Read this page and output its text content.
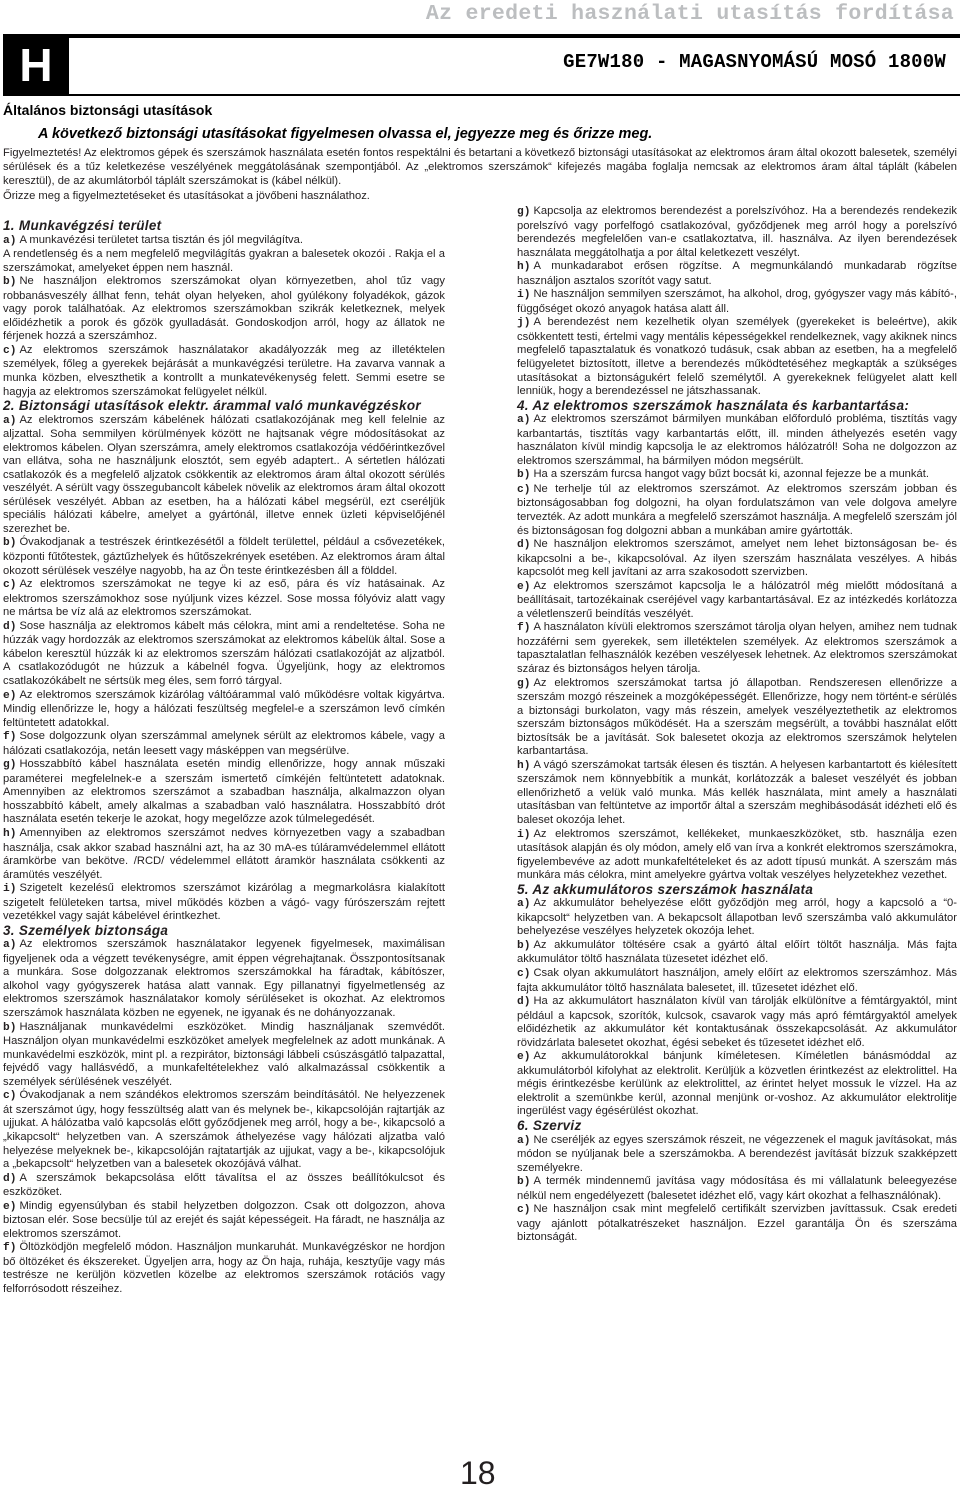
Az eredeti használati utasítás fordítása
H	GE7W180 - MAGASNYOMÁSÚ MOSÓ 1800W
Általános biztonsági utasítások
A következő biztonsági utasításokat figyelmesen olvassa el, jegyezze meg és őrizze meg.

Figyelmeztetés! Az elektromos gépek és szerszámok használata esetén fontos respektálni és betartani a következő biztonsági utasításokat az elektromos áram által okozott balesetek, személyi sérülések és a tűz keletkezése veszélyének meggátolásának szempontjából. Az „elektromos szerszámok“ kifejezés magába foglalja nemcsak az elektromos áram által táplált (kábelen keresztül), de az akumlátorból táplált szerszámokat is (kábel nélkül).

Őrizze meg a figyelmeztetéseket és utasításokat a jövőbeni használathoz.

1. Munkavégzési terület

a) A munkavézési területet tartsa tisztán és jól megvilágítva.

A rendetlenség és a nem megfelelő megvilágítás gyakran a balesetek okozói . Rakja el a szerszámokat, amelyeket éppen nem használ.

b) Ne használjon elektromos szerszámokat olyan környezetben, ahol tűz vagy robbanásveszély állhat fenn, tehát olyan helyeken, ahol gyúlékony folyadékok, gázok vagy porok találhatóak. Az elektromos szerszámokban szikrák keletkeznek, melyek előidézhetik a porok és gőzök gyulladását. Gondoskodjon arról, hogy az állatok ne férjenek hozzá a szerszámhoz.

c) Az elektromos szerszámok használatakor akadályozzák meg az illetéktelen személyek, főleg a gyerekek bejárását a munkavégzési területre. Ha zavarva vannak a munka közben, elveszthetik a kontrollt a munkatevékenység felett. Semmi esetre se hagyja az elektromos szerszámokat felügyelet nélkül.

2. Biztonsági utasítások elektr. árammal való munkavégzéskor

a) Az elektromos szerszám kábelének hálózati csatlakozójának meg kell felelnie az aljzattal. Soha semmilyen körülmények között ne hajtsanak végre módosításokat az elektromos kábelen. Olyan szerszámra, amely elektromos csatlakozója védőérintkezővel van ellátva, soha ne használjunk elosztót, sem egyéb adaptert.. A sértetlen hálózati csatlakozók és a megfelelő aljzatok csökkentik az elektromos áram által okozott sérülés veszélyét. A sérült vagy összegubancolt kábelek növelik az elektromos áram által okozott sérülések veszélyét. Abban az esetben, ha a hálózati kábel megsérül, ezt cseréljük speciális hálózati kábelre, amelyet a gyártónál, illetve ennek üzleti képviselőjénél szerezhet be.

b) Óvakodjanak a testrészek érintkezésétől a földelt területtel, például a csővezetékek, központi fűtőtestek, gáztűzhelyek és hűtőszekrények esetében. Az elektromos áram által okozott sérülések veszélye nagyobb, ha az Ön teste érintkezésben áll a földdel.

c) Az elektromos szerszámokat ne tegye ki az eső, pára és víz hatásainak. Az elektromos szerszámokhoz sose nyúljunk vizes kézzel. Sose mossa fólyóviz alatt vagy ne mártsa be víz alá az elektromos szerszámokat.

d) Sose használja az elektromos kábelt más célokra, mint ami a rendeltetése. Soha ne húzzák vagy hordozzák az elektromos szerszámokat az elektromos kábelük által. Sose a kábelon keresztül húzzák ki az elektromos szerszám hálózati csatlakozóját az aljzatból. A csatlakozódugót ne húzzuk a kábelnél fogva. Ügyeljünk, hogy az elektromos csatlakozókábelt ne sértsük meg éles, sem forró tárgyal.

e) Az elektromos szerszámok kizárólag váltóárammal való működésre voltak kigyártva. Mindig ellenőrizze le, hogy a hálózati feszültség megfelel-e a szerszámon levő címkén feltüntetett adatokkal.

f) Sose dolgozzunk olyan szerszámmal amelynek sérült az elektromos kábele, vagy a hálózati csatlakozója, netán leesett vagy másképpen van megsérülve.

g) Hosszabbító kábel használata esetén mindig ellenőrizze, hogy annak műszaki paraméterei megfelelnek-e a szerszám ismertető címkéjén feltüntetett adatoknak. Amennyiben az elektromos szerszámot a szabadban használja, alkalmazzon olyan hosszabbító kábelt, amely alkalmas a szabadban való használatra. Hosszabbító drót használata esetén tekerje le azokat, hogy megelőzze azok túlmelegedését.

h) Amennyiben az elektromos szerszámot nedves környezetben vagy a szabadban használja, csak akkor szabad használni azt, ha az 30 mA-es túláramvédelemmel ellátott áramkörbe van bekötve. /RCD/ védelemmel ellátott áramkör használata csökkenti az áramütés veszélyét.

i) Szigetelt kezelésű elektromos szerszámot kizárólag a megmarkolásra kialakított szigetelt felületeken tartsa, mivel működés közben a vágó- vagy fúrószerszám rejtett vezetékkel vagy saját kábelével érintkezhet.

3. Személyek biztonsága

a) Az elektromos szerszámok használatakor legyenek figyelmesek, maximálisan figyeljenek oda a végzett tevékenységre, amit éppen végrehajtanak. Összpontosítsanak a munkára. Sose dolgozzanak elektromos szerszámokkal ha fáradtak, kábítószer, alkohol vagy gyógyszerek hatása alatt vannak. Egy pillanatnyi figyelmetlenség az elektromos szerszámok használatakor komoly sérüléseket is okozhat. Az elektromos szerszámok használata közben ne egyenek, ne igyanak és ne dohányozzanak.

b) Használjanak munkavédelmi eszközöket. Mindig használjanak szemvédőt. Használjon olyan munkavédelmi eszközöket amelyek megfelelnek az adott munkának. A munkavédelmi eszközök, mint pl. a rezpirátor, biztonsági lábbeli csúszásgátló talpazattal, fejvédő vagy hallásvédő, a munkafeltételekhez való alkalmazással csökkentik a személyek sérülésének veszélyét.

c) Óvakodjanak a nem szándékos elektromos szerszám beindításától. Ne helyezzenek át szerszámot úgy, hogy fesszültség alatt van és melynek be-, kikapcsolóján rajtartják az ujjukat. A hálózatba való kapcsolás előtt győződjenek meg arról, hogy a be-, kikapcsoló a „kikapcsolt“ helyzetben van. A szerszámok áthelyezése vagy hálózati aljzatba való helyezése melyeknek be-, kikapcsolóján rajtatartják az ujjukat, vagy a be-, kikapcsolójuk a „bekapcsolt“ helyzetben van a balesetek okozójává válhat.

d) A szerszámok bekapcsolása előtt távalítsa el az összes beállítókulcsot és eszközöket.

e) Mindig egyensúlyban és stabil helyzetben dolgozzon. Csak ott dolgozzon, ahova biztosan elér. Sose becsülje túl az erejét és saját képességeit. Ha fáradt, ne használja az elektromos szerszámot.

f) Öltözködjön megfelelő módon. Használjon munkaruhát. Munkavégzéskor ne hordjon bő öltözéket és ékszereket. Ügyeljen arra, hogy az Ön haja, ruhája, kesztyűje vagy más testrésze ne kerüljön közvetlen közelbe az elektromos szerszámok rotációs vagy felforrósodott részeihez.

g) Kapcsolja az elektromos berendezést a porelszívóhoz. Ha a berendezés rendekezik porelszívó vagy porfelfogó csatlakozóval, győződjenek meg arról hogy a porelszívó berendezés megfelelően van-e csatlakoztatva, ill. használva. Az ilyen berendezések használata meggátolhatja a por által keletkezett veszélyt.

h) A munkadarabot erősen rögzítse. A megmunkálandó munkadarab rögzítse használjon asztalos szorítót vagy satut.

i) Ne használjon semmilyen szerszámot, ha alkohol, drog, gyógyszer vagy más kábító-, függőséget okozó anyagok hatása alatt áll.

j) A berendezést nem kezelhetik olyan személyek (gyerekeket is beleértve), akik csökkentett testi, értelmi vagy mentális képességekkel rendelkeznek, vagy akiknek nincs megfelelő tapasztalatuk és vonatkozó tudásuk, csak abban az esetben, ha a megfelelő felügyeletet biztosított, illetve a berendezés működtetéséhez megkapták a szükséges utasításokat a biztonságukért felelő személytől. A gyerekeknek felügyelet alatt kell lenniük, hogy a berendezéssel ne játszhassanak.

4. Az elektromos szerszámok használata és karbantartása:

a) Az elektromos szerszámot bármilyen munkában előforduló probléma, tisztítás vagy karbantartás, tisztítás vagy karbantartás előtt, ill. minden áthelyezés esetén vagy használaton kívül mindig kapcsolja le az elektromos hálózatról! Soha ne dolgozzon az elektromos szerszámmal, ha bármilyen módon megsérült.

b) Ha a szerszám furcsa hangot vagy bűzt bocsát ki, azonnal fejezze be a munkát.

c) Ne terhelje túl az elektromos szerszámot. Az elektromos szerszám jobban és biztonságosabban fog dolgozni, ha olyan fordulatszámon van vele dolgova amelyre tervezték. Az adott munkára a megfelelő szerszámot használja. A megfelelő szerszám jól és biztonságosan fog dolgozni abban a munkában amire gyártották.

d) Ne használjon elektromos szerszámot, amelyet nem lehet biztonságosan be- és kikapcsolni a be-, kikapcsolóval. Az ilyen szerszám használata veszélyes. A hibás kapcsolót meg kell javítani az arra szakosodott szervizben.

e) Az elektromos szerszámot kapcsolja le a hálózatról még mielőtt módosítaná a beállításait, tartozékainak cseréjével vagy karbantartásával. Ez az intézkedés korlátozza a véletlenszerű beindítás veszélyét.

f) A használaton kívüli elektromos szerszámot tárolja olyan helyen, amihez nem tudnak hozzáférni sem gyerekek, sem illetéktelen személyek. Az elektromos szerszámok a tapasztalatlan felhasználók kezében veszélyesek lehetnek. Az elektromos szerszámokat száraz és biztonságos helyen tárolja.

g) Az elektromos szerszámokat tartsa jó állapotban. Rendszeresen ellenőrizze a szerszám mozgó részeinek a mozgóképességét. Ellenőrizze, hogy nem történt-e sérülés a biztonsági burkolaton, vagy más részein, amelyek veszélyeztethetik az elektromos szerszám biztonságos működését. Ha a szerszám megsérült, a további használat előtt biztosítsák be a javítását. Sok balesetet okozja az elektromos szerszámok helytelen karbantartása.

h) A vágó szerszámokat tartsák élesen és tisztán. A helyesen karbantartott és kiélesített szerszámok nem könnyebbítik a munkát, korlátozzák a baleset veszélyét és jobban ellenőrizhető a velük való munka. Más kellék használata, mint amely a használati utasításban van feltüntetve az importőr által a szerszám meghibásodását idézheti elő és baleset okozója lehet.

i) Az elektromos szerszámot, kellékeket, munkaeszközöket, stb. használja ezen utasítások alapján és oly módon, amely elő van írva a konkrét elektromos szerszámokra, figyelembevéve az adott munkafeltételeket és az adott típusú munkát. A szerszám más munkára más célokra, mint amelyekre gyártva voltak veszélyes helyzetekhez vezethet.

5. Az akkumulátoros szerszámok használata

a) Az akkumulátor behelyezése előtt győződjön meg arról, hogy a kapcsoló a “0-kikapcsolt“ helyzetben van. A bekapcsolt állapotban levő szerszámba való akkumulátor behelyezése veszélyes helyzetek okozója lehet.

b) Az akkumulátor töltésére csak a gyártó által előírt töltőt használja. Más fajta akkumulátor töltő használata tüzesetet idézhet elő.

c) Csak olyan akkumulátort használjon, amely előírt az elektromos szerszámhoz. Más fajta akkumulátor töltő használata balesetet, ill. tűzesetet idézhet elő.

d) Ha az akkumulátort használaton kívül van tárolják elkülönítve a fémtárgyaktól, mint például a kapcsok, szorítók, kulcsok, csavarok vagy más apró fémtárgyaktól amelyek előidézhetik az akkumulátor két kontaktusának összekapcsolását. Az akkumulátor rövidzárlata balesetet okozhat, égési sebeket és tűzesetet idézhet elő.

e) Az akkumulátorokkal bánjunk kíméletesen. Kíméletlen bánásmóddal az akkumulátorból kifolyhat az elektrolit. Kerüljük a közvetlen érintkezést az elektrolittel. Ha mégis érintkezésbe kerülünk az elektrolittel, az érintet helyet mossuk le vízzel. Ha az elektrolit a szemünkbe kerül, azonnal menjünk or-voshoz. Az akkumulátor elektrolitje ingerülést vagy égésérülést okozhat.

6. Szerviz

a) Ne cseréljék az egyes szerszámok részeit, ne végezzenek el maguk javításokat, más módon se nyúljanak bele a szerszámokba. A berendezést javítását bízzuk szakképzett személyekre.

b) A termék mindennemű javítása vagy módosítása és mi vállalatunk beleegyezése nélkül nem engedélyezett (balesetet idézhet elő, vagy kárt okozhat a felhasználónak).

c) Ne használjon csak mint megfelelő certifikált szervizben javíttassuk. Csak eredeti vagy ajánlott pótalkatrészeket használjon. Ezzel garantálja Ön és szerszáma biztonságát.

18
